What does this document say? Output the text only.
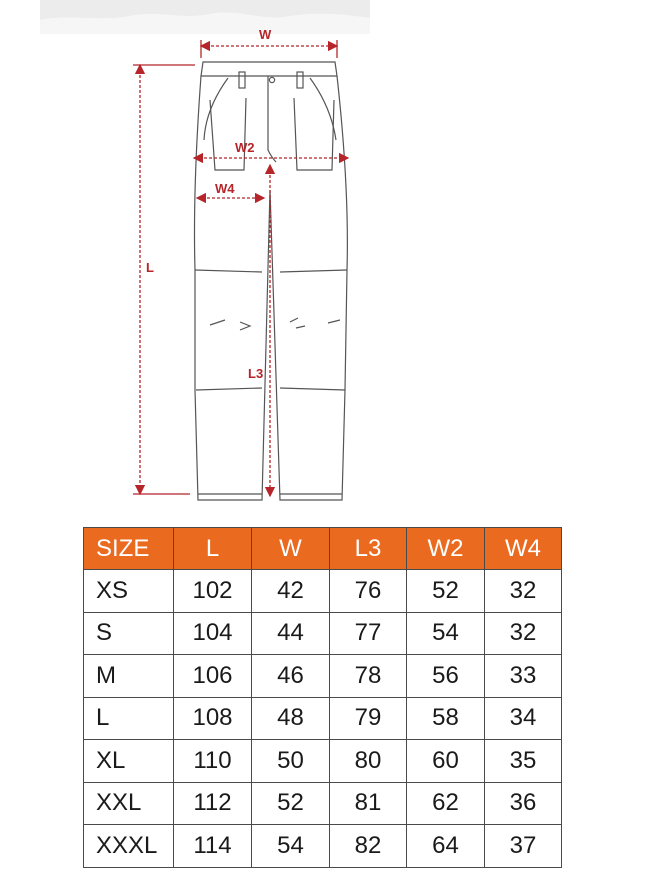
W
W2
W4
L
L3
SIZE	L	W	L3	W2	W4
XS	102	42	76	52	32
S	104	44	77	54	32
M	106	46	78	56	33
L	108	48	79	58	34
XL	110	50	80	60	35
XXL	112	52	81	62	36
XXXL	114	54	82	64	37
